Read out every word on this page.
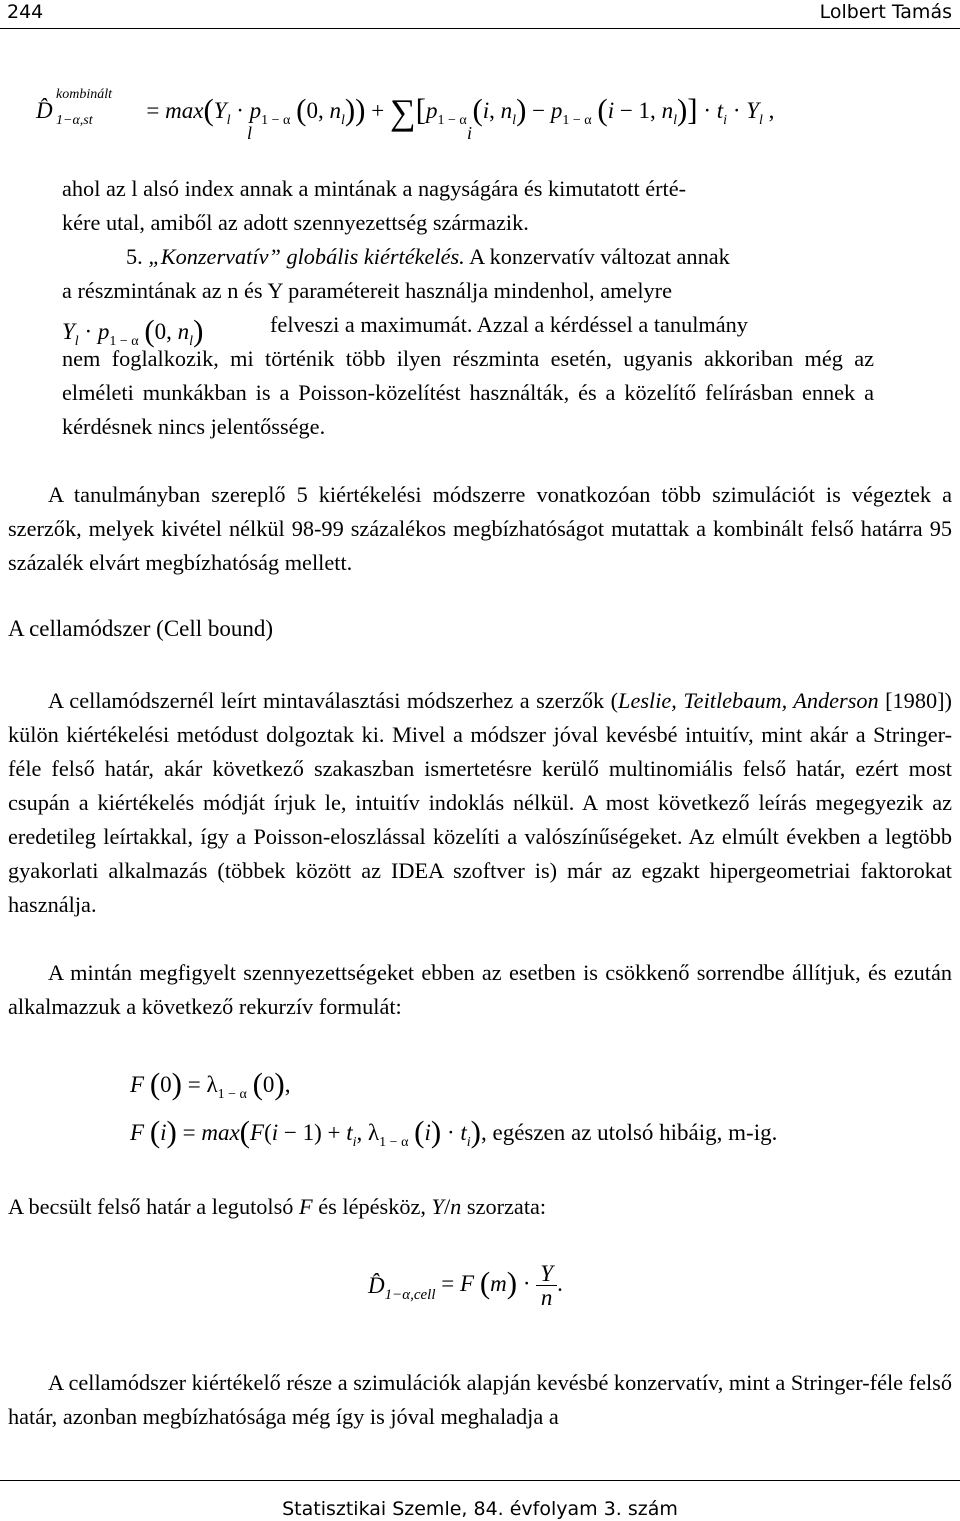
244	Lolbert Tamás
D̂
kombinált
$1-\alpha,st = \max(Y_l \cdot p_{1 - \alpha}$ (0, $n_l)) + \sum[p_{1 - \alpha}$ (i, $n_l) - p_{1 - \alpha}$ (i − 1, $n_l)] \cdot t_i \cdot Y_l$ ,
l	i

ahol az l alsó index annak a mintának a nagyságára és kimutatott érté-

kére utal, amiből az adott szennyezettség származik.

5. „Konzervatív” globális kiértékelés. A konzervatív változat annak

a részmintának az n és Y paramétereit használja mindenhol, amelyre

$Y_l \cdot p_{1 - \alpha}$ (0, $n_l$)	felveszi a maximumát. Azzal a kérdéssel a tanulmány

nem foglalkozik, mi történik több ilyen részminta esetén, ugyanis akkoriban még az elméleti munkákban is a Poisson-közelítést használták, és a közelítő felírásban ennek a kérdésnek nincs jelentőssége.

A tanulmányban szereplő 5 kiértékelési módszerre vonatkozóan több szimulációt is végeztek a szerzők, melyek kivétel nélkül 98-99 százalékos megbízhatóságot mutattak a kombinált felső határra 95 százalék elvárt megbízhatóság mellett.

A cellamódszer (Cell bound)

A cellamódszernél leírt mintaválasztási módszerhez a szerzők (Leslie, Teitlebaum, Anderson [1980]) külön kiértékelési metódust dolgoztak ki. Mivel a módszer jóval kevésbé intuitív, mint akár a Stringer-féle felső határ, akár következő szakaszban ismertetésre kerülő multinomiális felső határ, ezért most csupán a kiértékelés módját írjuk le, intuitív indoklás nélkül. A most következő leírás megegyezik az eredetileg leírtakkal, így a Poisson-eloszlással közelíti a valószínűségeket. Az elmúlt években a legtöbb gyakorlati alkalmazás (többek között az IDEA szoftver is) már az egzakt hipergeometriai faktorokat használja.

A mintán megfigyelt szennyezettségeket ebben az esetben is csökkenő sorrendbe állítjuk, és ezután alkalmazzuk a következő rekurzív formulát:

F $(0) = \lambda_{1 - \alpha}$ (0),
F $(i) = \max(F(i - 1) + t_i$, $\lambda_{1 - \alpha}$ $(i) \cdot t_i$), egészen az utolsó hibáig, m-ig.

A becsült felső határ a legutolsó F és lépésköz, Y/n szorzata:

$D̂_{1-\alpha,cell} = F$ $(m) \cdot \frac{Y}{n}$ .

A cellamódszer kiértékelő része a szimulációk alapján kevésbé konzervatív, mint a Stringer-féle felső határ, azonban megbízhatósága még így is jóval meghaladja a

Statisztikai Szemle, 84. évfolyam 3. szám
